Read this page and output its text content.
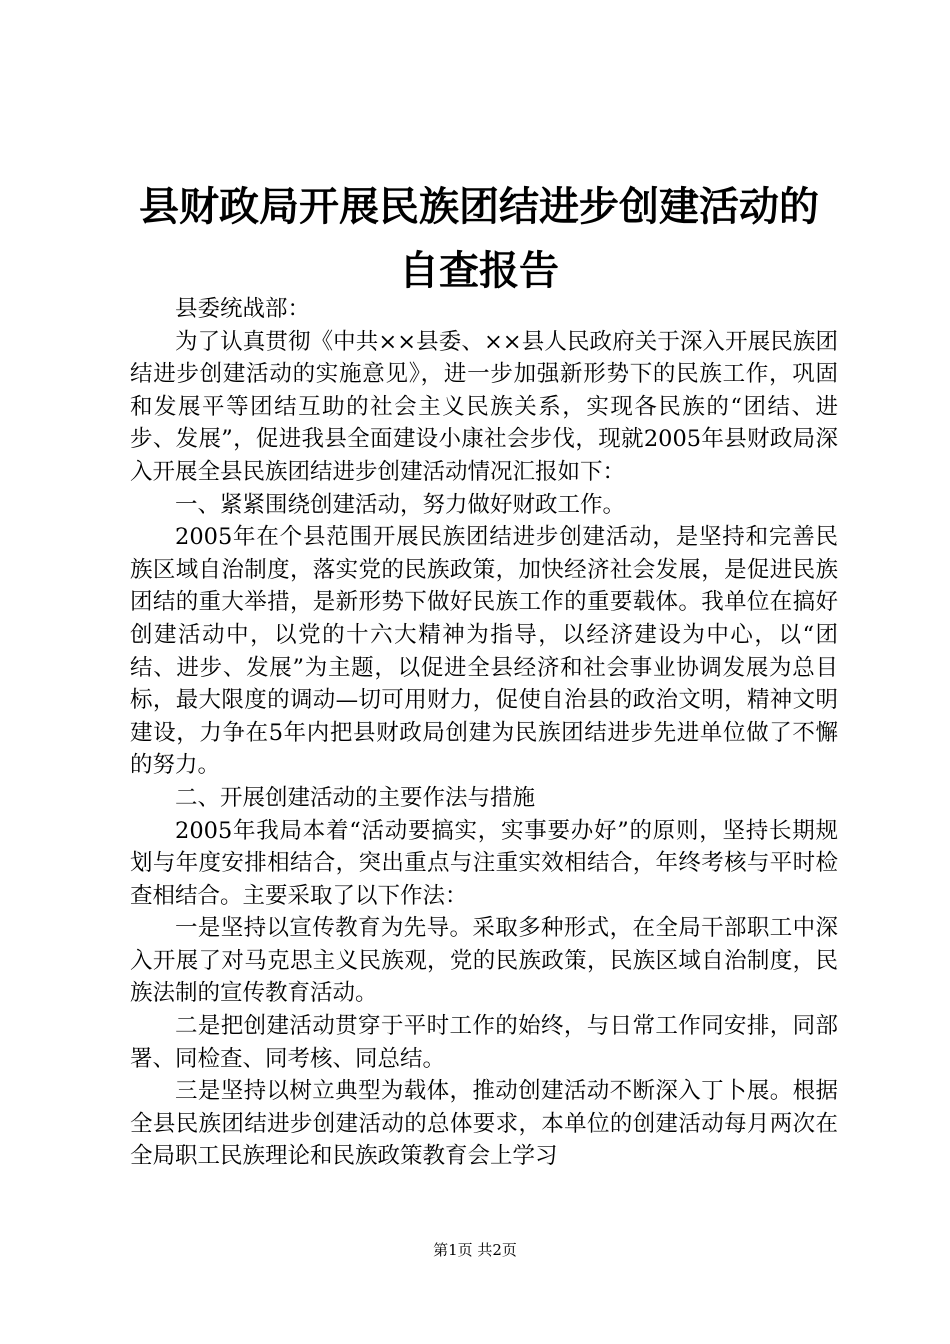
县财政局开展民族团结进步创建活动的自查报告

县委统战部：

为了认真贯彻《中共××县委、××县人民政府关于深入开展民族团结进步创建活动的实施意见》，进一步加强新形势下的民族工作，巩固和发展平等团结互助的社会主义民族关系，实现各民族的“团结、进步、发展”，促进我县全面建设小康社会步伐，现就2005年县财政局深入开展全县民族团结进步创建活动情况汇报如下：

一、紧紧围绕创建活动，努力做好财政工作。

2005年在个县范围开展民族团结进步创建活动，是坚持和完善民族区域自治制度，落实党的民族政策，加快经济社会发展，是促进民族团结的重大举措，是新形势下做好民族工作的重要载体。我单位在搞好创建活动中，以党的十六大精神为指导，以经济建设为中心，以“团结、进步、发展”为主题，以促进全县经济和社会事业协调发展为总目标，最大限度的调动—切可用财力，促使自治县的政治文明，精神文明建设，力争在5年内把县财政局创建为民族团结进步先进单位做了不懈的努力。

二、开展创建活动的主要作法与措施

2005年我局本着“活动要搞实，实事要办好”的原则，坚持长期规划与年度安排相结合，突出重点与注重实效相结合，年终考核与平时检查相结合。主要采取了以下作法：

一是坚持以宣传教育为先导。采取多种形式，在全局干部职工中深入开展了对马克思主义民族观，党的民族政策，民族区域自治制度，民族法制的宣传教育活动。

二是把创建活动贯穿于平时工作的始终，与日常工作同安排，同部署、同检查、同考核、同总结。

三是坚持以树立典型为载体，推动创建活动不断深入丁卜展。根据全县民族团结进步创建活动的总体要求，本单位的创建活动每月两次在全局职工民族理论和民族政策教育会上学习

第1页 共2页
